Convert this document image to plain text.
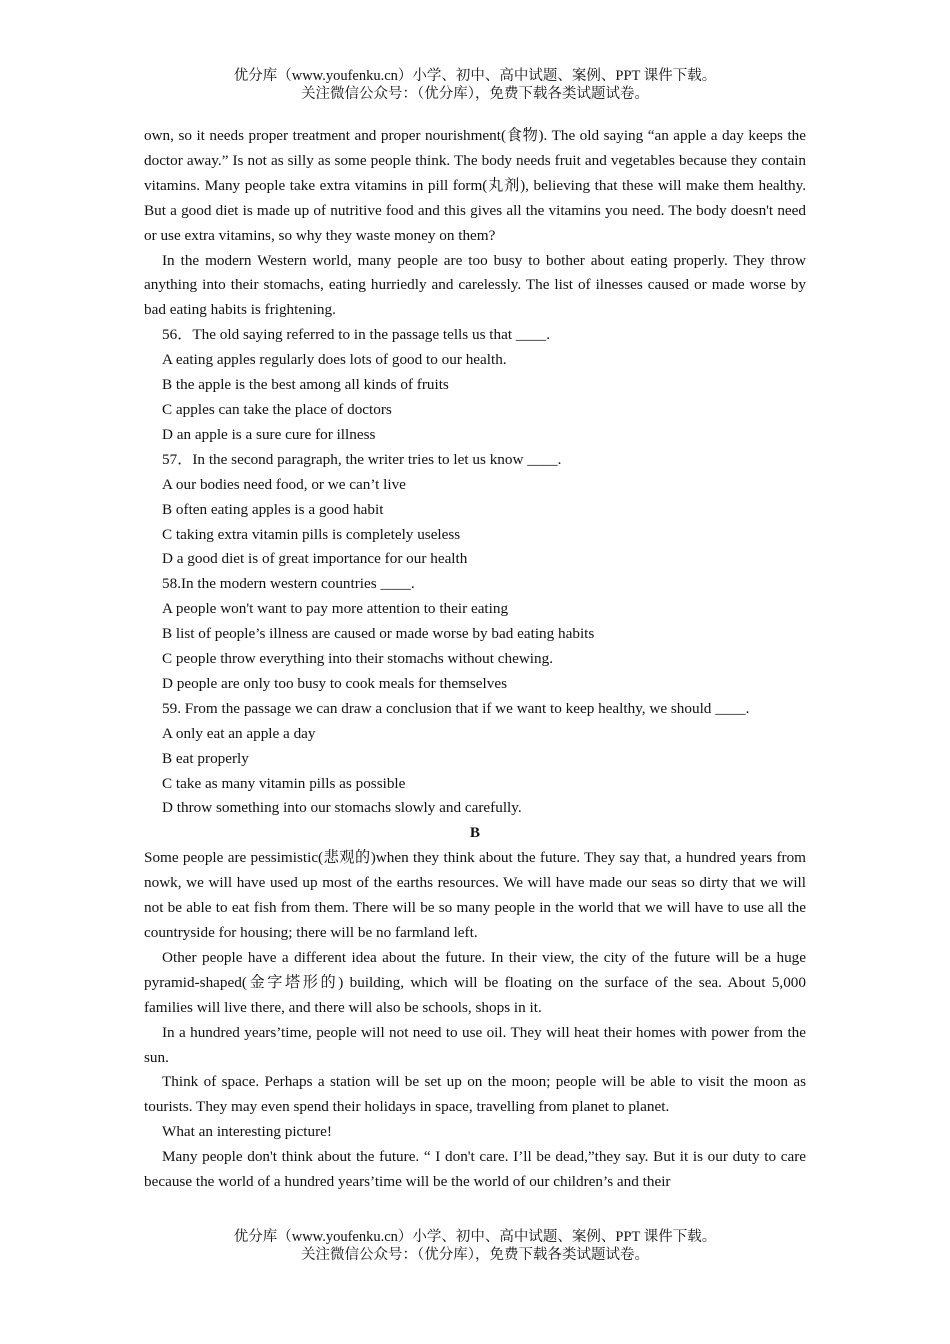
优分库（www.youfenku.cn）小学、初中、高中试题、案例、PPT 课件下载。
关注微信公众号：（优分库），免费下载各类试题试卷。

own, so it needs proper treatment and proper nourishment(食物). The old saying “an apple a day keeps the doctor away.” Is not as silly as some people think. The body needs fruit and vegetables because they contain vitamins. Many people take extra vitamins in pill form(丸剂), believing that these will make them healthy. But a good diet is made up of nutritive food and this gives all the vitamins you need. The body doesn't need or use extra vitamins, so why they waste money on them?

In the modern Western world, many people are too busy to bother about eating properly. They throw anything into their stomachs, eating hurriedly and carelessly. The list of ilnesses caused or made worse by bad eating habits is frightening.

56．The old saying referred to in the passage tells us that ____.

A eating apples regularly does lots of good to our health.

B the apple is the best among all kinds of fruits

C apples can take the place of doctors

D an apple is a sure cure for illness

57．In the second paragraph, the writer tries to let us know ____.

A our bodies need food, or we can’t live

B often eating apples is a good habit

C taking extra vitamin pills is completely useless

D a good diet is of great importance for our health

58.In the modern western countries ____.

A people won't want to pay more attention to their eating

B list of people’s illness are caused or made worse by bad eating habits

C people throw everything into their stomachs without chewing.

D people are only too busy to cook meals for themselves

59. From the passage we can draw a conclusion that if we want to keep healthy, we should ____.

A only eat an apple a day

B eat properly

C take as many vitamin pills as possible

D throw something into our stomachs slowly and carefully.

B

Some people are pessimistic(悲观的)when they think about the future. They say that, a hundred years from nowk, we will have used up most of the earths resources. We will have made our seas so dirty that we will not be able to eat fish from them. There will be so many people in the world that we will have to use all the countryside for housing; there will be no farmland left.

Other people have a different idea about the future. In their view, the city of the future will be a huge pyramid-shaped(金字塔形的) building, which will be floating on the surface of the sea. About 5,000 families will live there, and there will also be schools, shops in it.

In a hundred years’time, people will not need to use oil. They will heat their homes with power from the sun.

Think of space. Perhaps a station will be set up on the moon; people will be able to visit the moon as tourists. They may even spend their holidays in space, travelling from planet to planet.

What an interesting picture!

Many people don't think about the future. “ I don't care. I’ll be dead,”they say. But it is our duty to care because the world of a hundred years’time will be the world of our children’s and their

优分库（www.youfenku.cn）小学、初中、高中试题、案例、PPT 课件下载。
关注微信公众号：（优分库），免费下载各类试题试卷。
